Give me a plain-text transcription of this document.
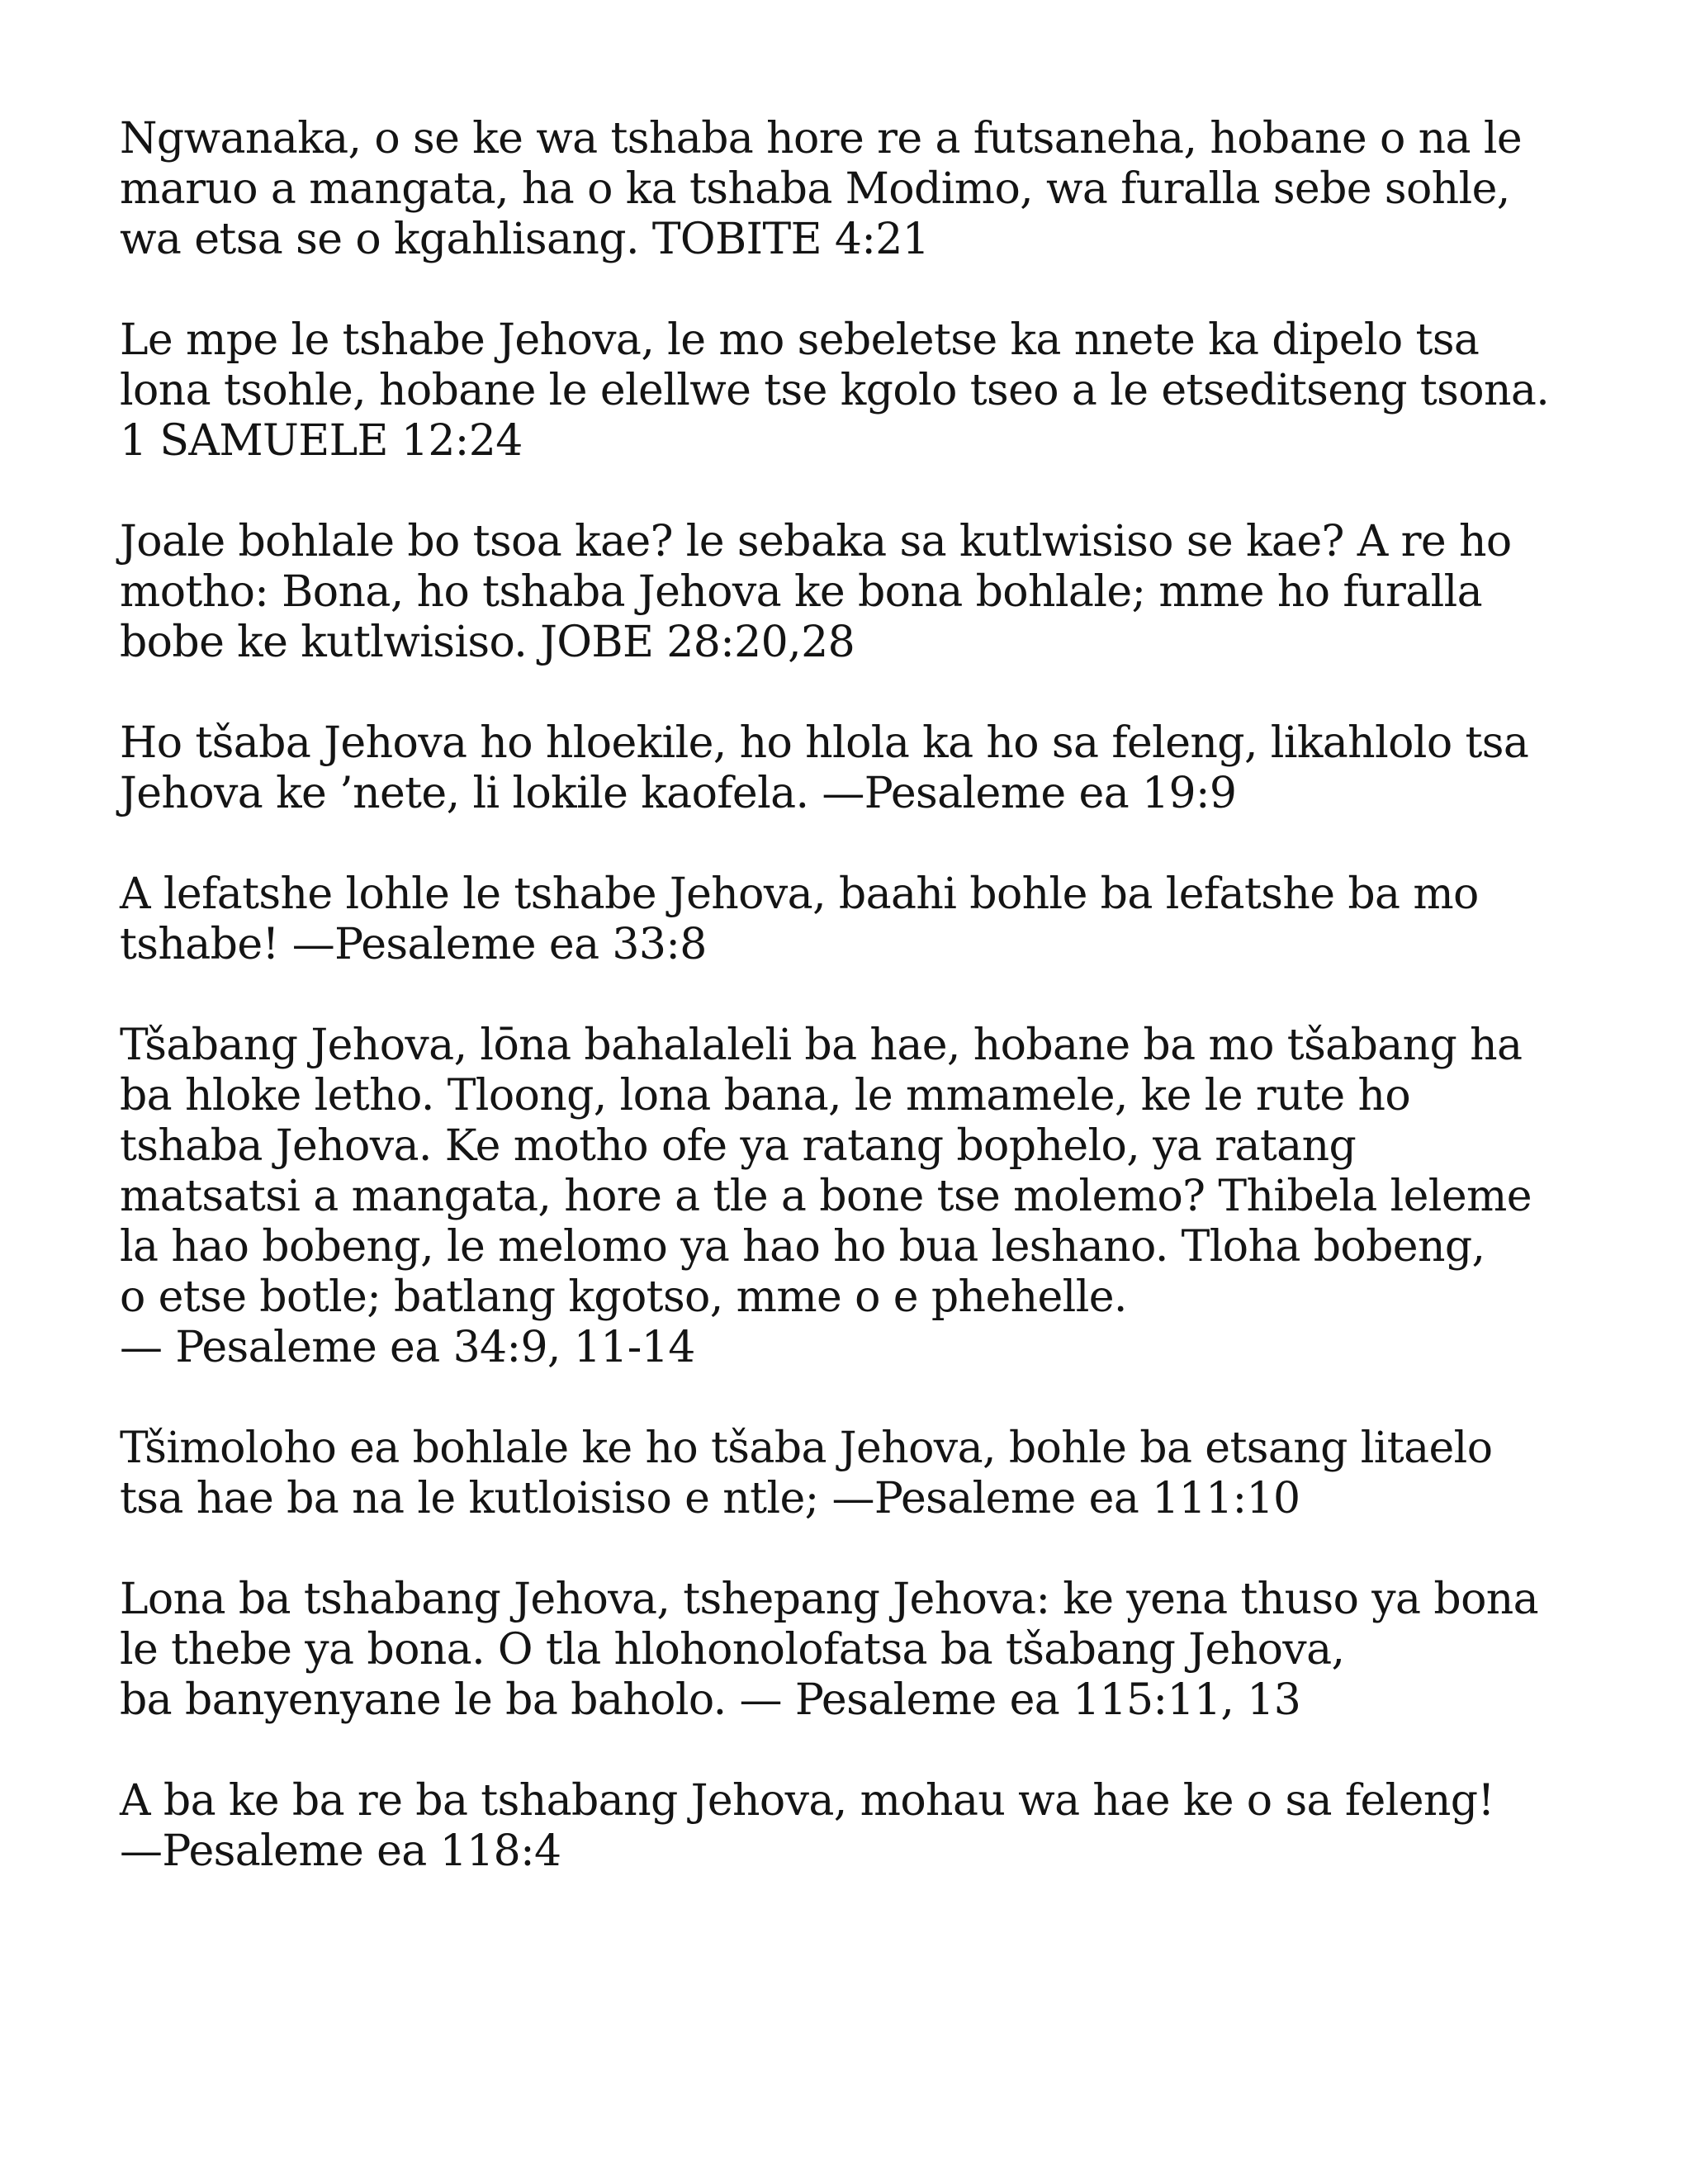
Ngwanaka, o se ke wa tshaba hore re a futsaneha, hobane o na le
maruo a mangata, ha o ka tshaba Modimo, wa furalla sebe sohle,
wa etsa se o kgahlisang. TOBITE 4:21

Le mpe le tshabe Jehova, le mo sebeletse ka nnete ka dipelo tsa
lona tsohle, hobane le elellwe tse kgolo tseo a le etseditseng tsona.
1 SAMUELE 12:24

Joale bohlale bo tsoa kae? le sebaka sa kutlwisiso se kae? A re ho
motho: Bona, ho tshaba Jehova ke bona bohlale; mme ho furalla
bobe ke kutlwisiso. JOBE 28:20,28

Ho tšaba Jehova ho hloekile, ho hlola ka ho sa feleng, likahlolo tsa
Jehova ke ’nete, li lokile kaofela. —Pesaleme ea 19:9

A lefatshe lohle le tshabe Jehova, baahi bohle ba lefatshe ba mo
tshabe! —Pesaleme ea 33:8

Tšabang Jehova, lōna bahalaleli ba hae, hobane ba mo tšabang ha
ba hloke letho. Tloong, lona bana, le mmamele, ke le rute ho
tshaba Jehova. Ke motho ofe ya ratang bophelo, ya ratang
matsatsi a mangata, hore a tle a bone tse molemo? Thibela leleme
la hao bobeng, le melomo ya hao ho bua leshano. Tloha bobeng,
o etse botle; batlang kgotso, mme o e phehelle.
— Pesaleme ea 34:9, 11-14

Tšimoloho ea bohlale ke ho tšaba Jehova, bohle ba etsang litaelo
tsa hae ba na le kutloisiso e ntle; —Pesaleme ea 111:10

Lona ba tshabang Jehova, tshepang Jehova: ke yena thuso ya bona
le thebe ya bona. O tla hlohonolofatsa ba tšabang Jehova,
ba banyenyane le ba baholo. — Pesaleme ea 115:11, 13

A ba ke ba re ba tshabang Jehova, mohau wa hae ke o sa feleng!
—Pesaleme ea 118:4
